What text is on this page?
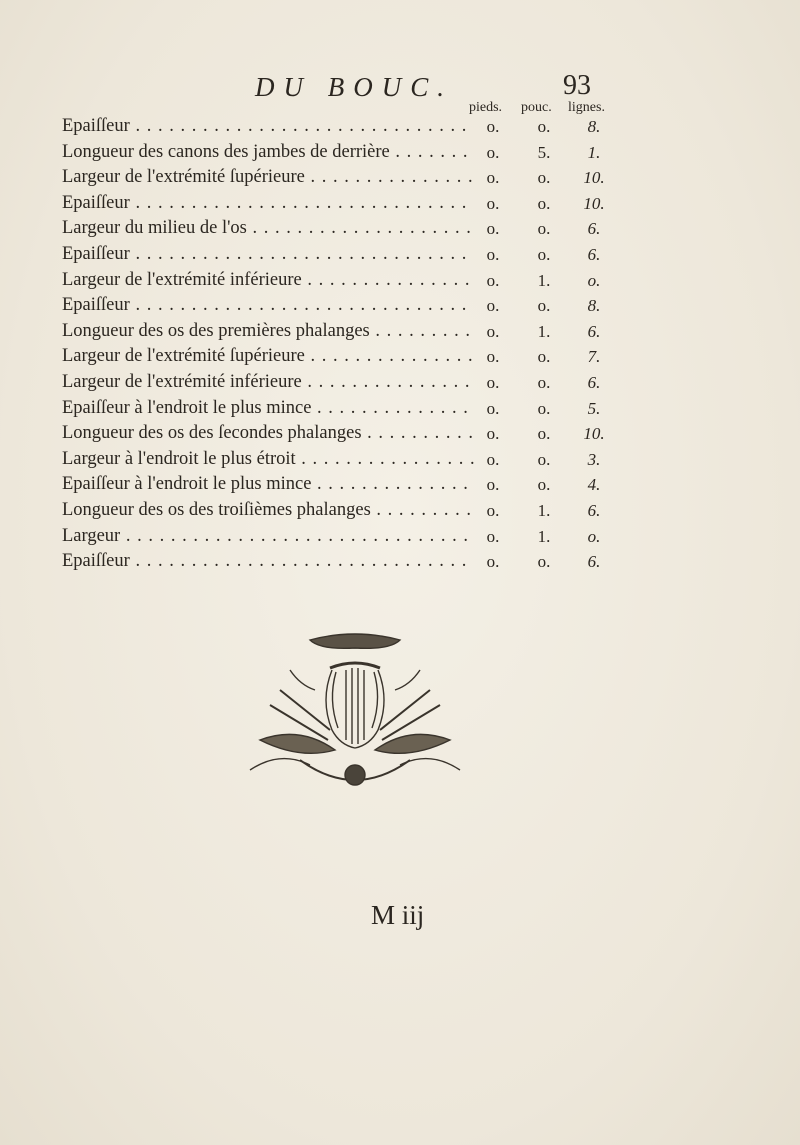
DU BOUC.	93
pieds. pouc. lignes.
Epaiſſeur . . .	o.	o.	8.
Longueur des canons des jambes de derrière . . .	o.	5.	1.
Largeur de l'extrémité ſupérieure . . .	o.	o.	10.
Epaiſſeur . . .	o.	o.	10.
Largeur du milieu de l'os . . .	o.	o.	6.
Epaiſſeur . . .	o.	o.	6.
Largeur de l'extrémité inférieure . . .	o.	1.	o.
Epaiſſeur . . .	o.	o.	8.
Longueur des os des premières phalanges . . .	o.	1.	6.
Largeur de l'extrémité ſupérieure . . .	o.	o.	7.
Largeur de l'extrémité inférieure . . .	o.	o.	6.
Epaiſſeur à l'endroit le plus mince . . .	o.	o.	5.
Longueur des os des ſecondes phalanges . . .	o.	o.	10.
Largeur à l'endroit le plus étroit . . .	o.	o.	3.
Epaiſſeur à l'endroit le plus mince . . .	o.	o.	4.
Longueur des os des troiſièmes phalanges . . .	o.	1.	6.
Largeur . . .	o.	1.	o.
Epaiſſeur . . .	o.	o.	6.
M iij
